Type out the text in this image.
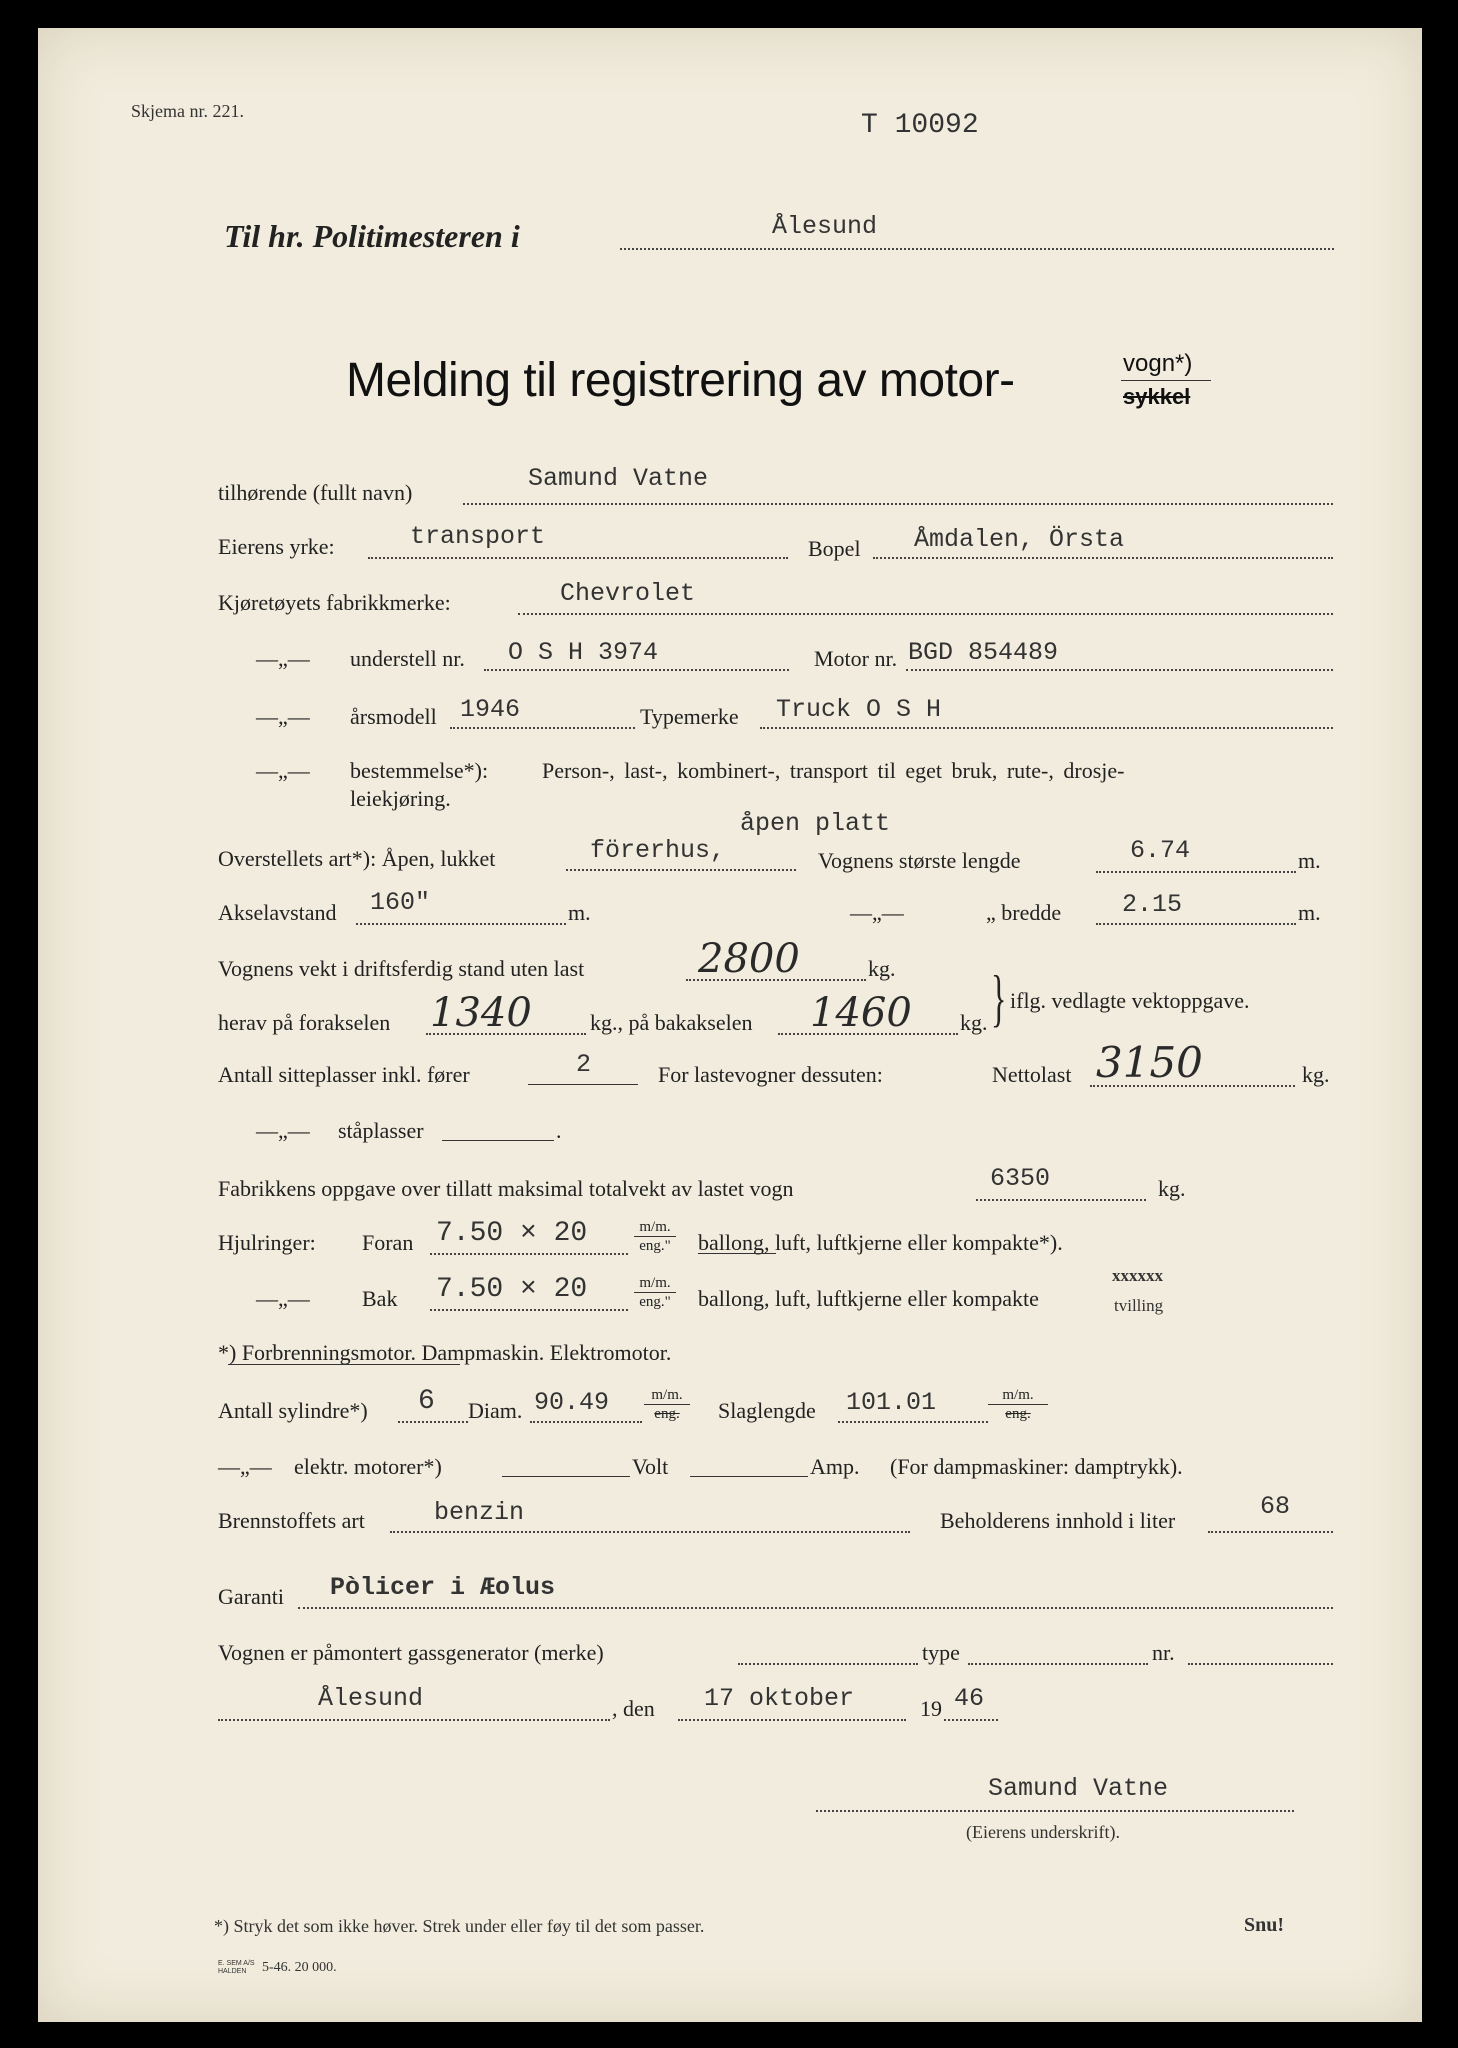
Skjema nr. 221.	T 10092
Til hr. Politimesteren i	Ålesund
Melding til registrering av motor-	vogn*)
sykkel
tilhørende (fullt navn)	Samund Vatne
Eierens yrke:	transport	Bopel Åmdalen, Örsta
Kjøretøyets fabrikkmerke:	Chevrolet
—„— understell nr. O S H 3974	Motor nr. BGD 854489
—„— årsmodell 1946	Typemerke Truck O S H
—„— bestemmelse*): Person-, last-, kombinert-, transport til eget bruk, rute-, drosje-
leiekjøring.
åpen platt
Overstellets art*): Åpen, lukket	förerhus,	Vognens største lengde	6.74	m.
Akselavstand 160"	m.	—„—	„ bredde 2.15	m.
Vognens vekt i driftsferdig stand uten last	2800	kg.
herav på forakselen 1340	kg., på bakakselen 1460 kg. } iflg. vedlagte vektoppgave.
Antall sitteplasser inkl. fører	2	For lastevogner dessuten:	Nettolast 3150	kg.
—„— ståplasser	.
Fabrikkens oppgave over tillatt maksimal totalvekt av lastet vogn	6350	kg.
Hjulringer: Foran 7.50 × 20	m/m.
eng." ballong, luft, luftkjerne eller kompakte*).
—„— Bak 7.50 × 20	m/m.
eng." ballong, luft, luftkjerne eller kompakte
xxxxxx
tvilling
*) Forbrenningsmotor. Dampmaskin. Elektromotor.
Antall sylindre*) 6 Diam. 90.49	m/m.
eng.	Slaglengde 101.01	m/m.
eng.
—„— elektr. motorer*)	Volt	Amp. (For dampmaskiner: damptrykk).
Brennstoffets art	benzin	Beholderens innhold i liter	68
Garanti Pòlicer i Æolus
Vognen er påmontert gassgenerator (merke)	type	nr.
Ålesund	, den 17 oktober	19 46
Samund Vatne
(Eierens underskrift).
*) Stryk det som ikke høver. Strek under eller føy til det som passer.	Snu!
E. SEM A/S
HALDEN	5-46. 20 000.
